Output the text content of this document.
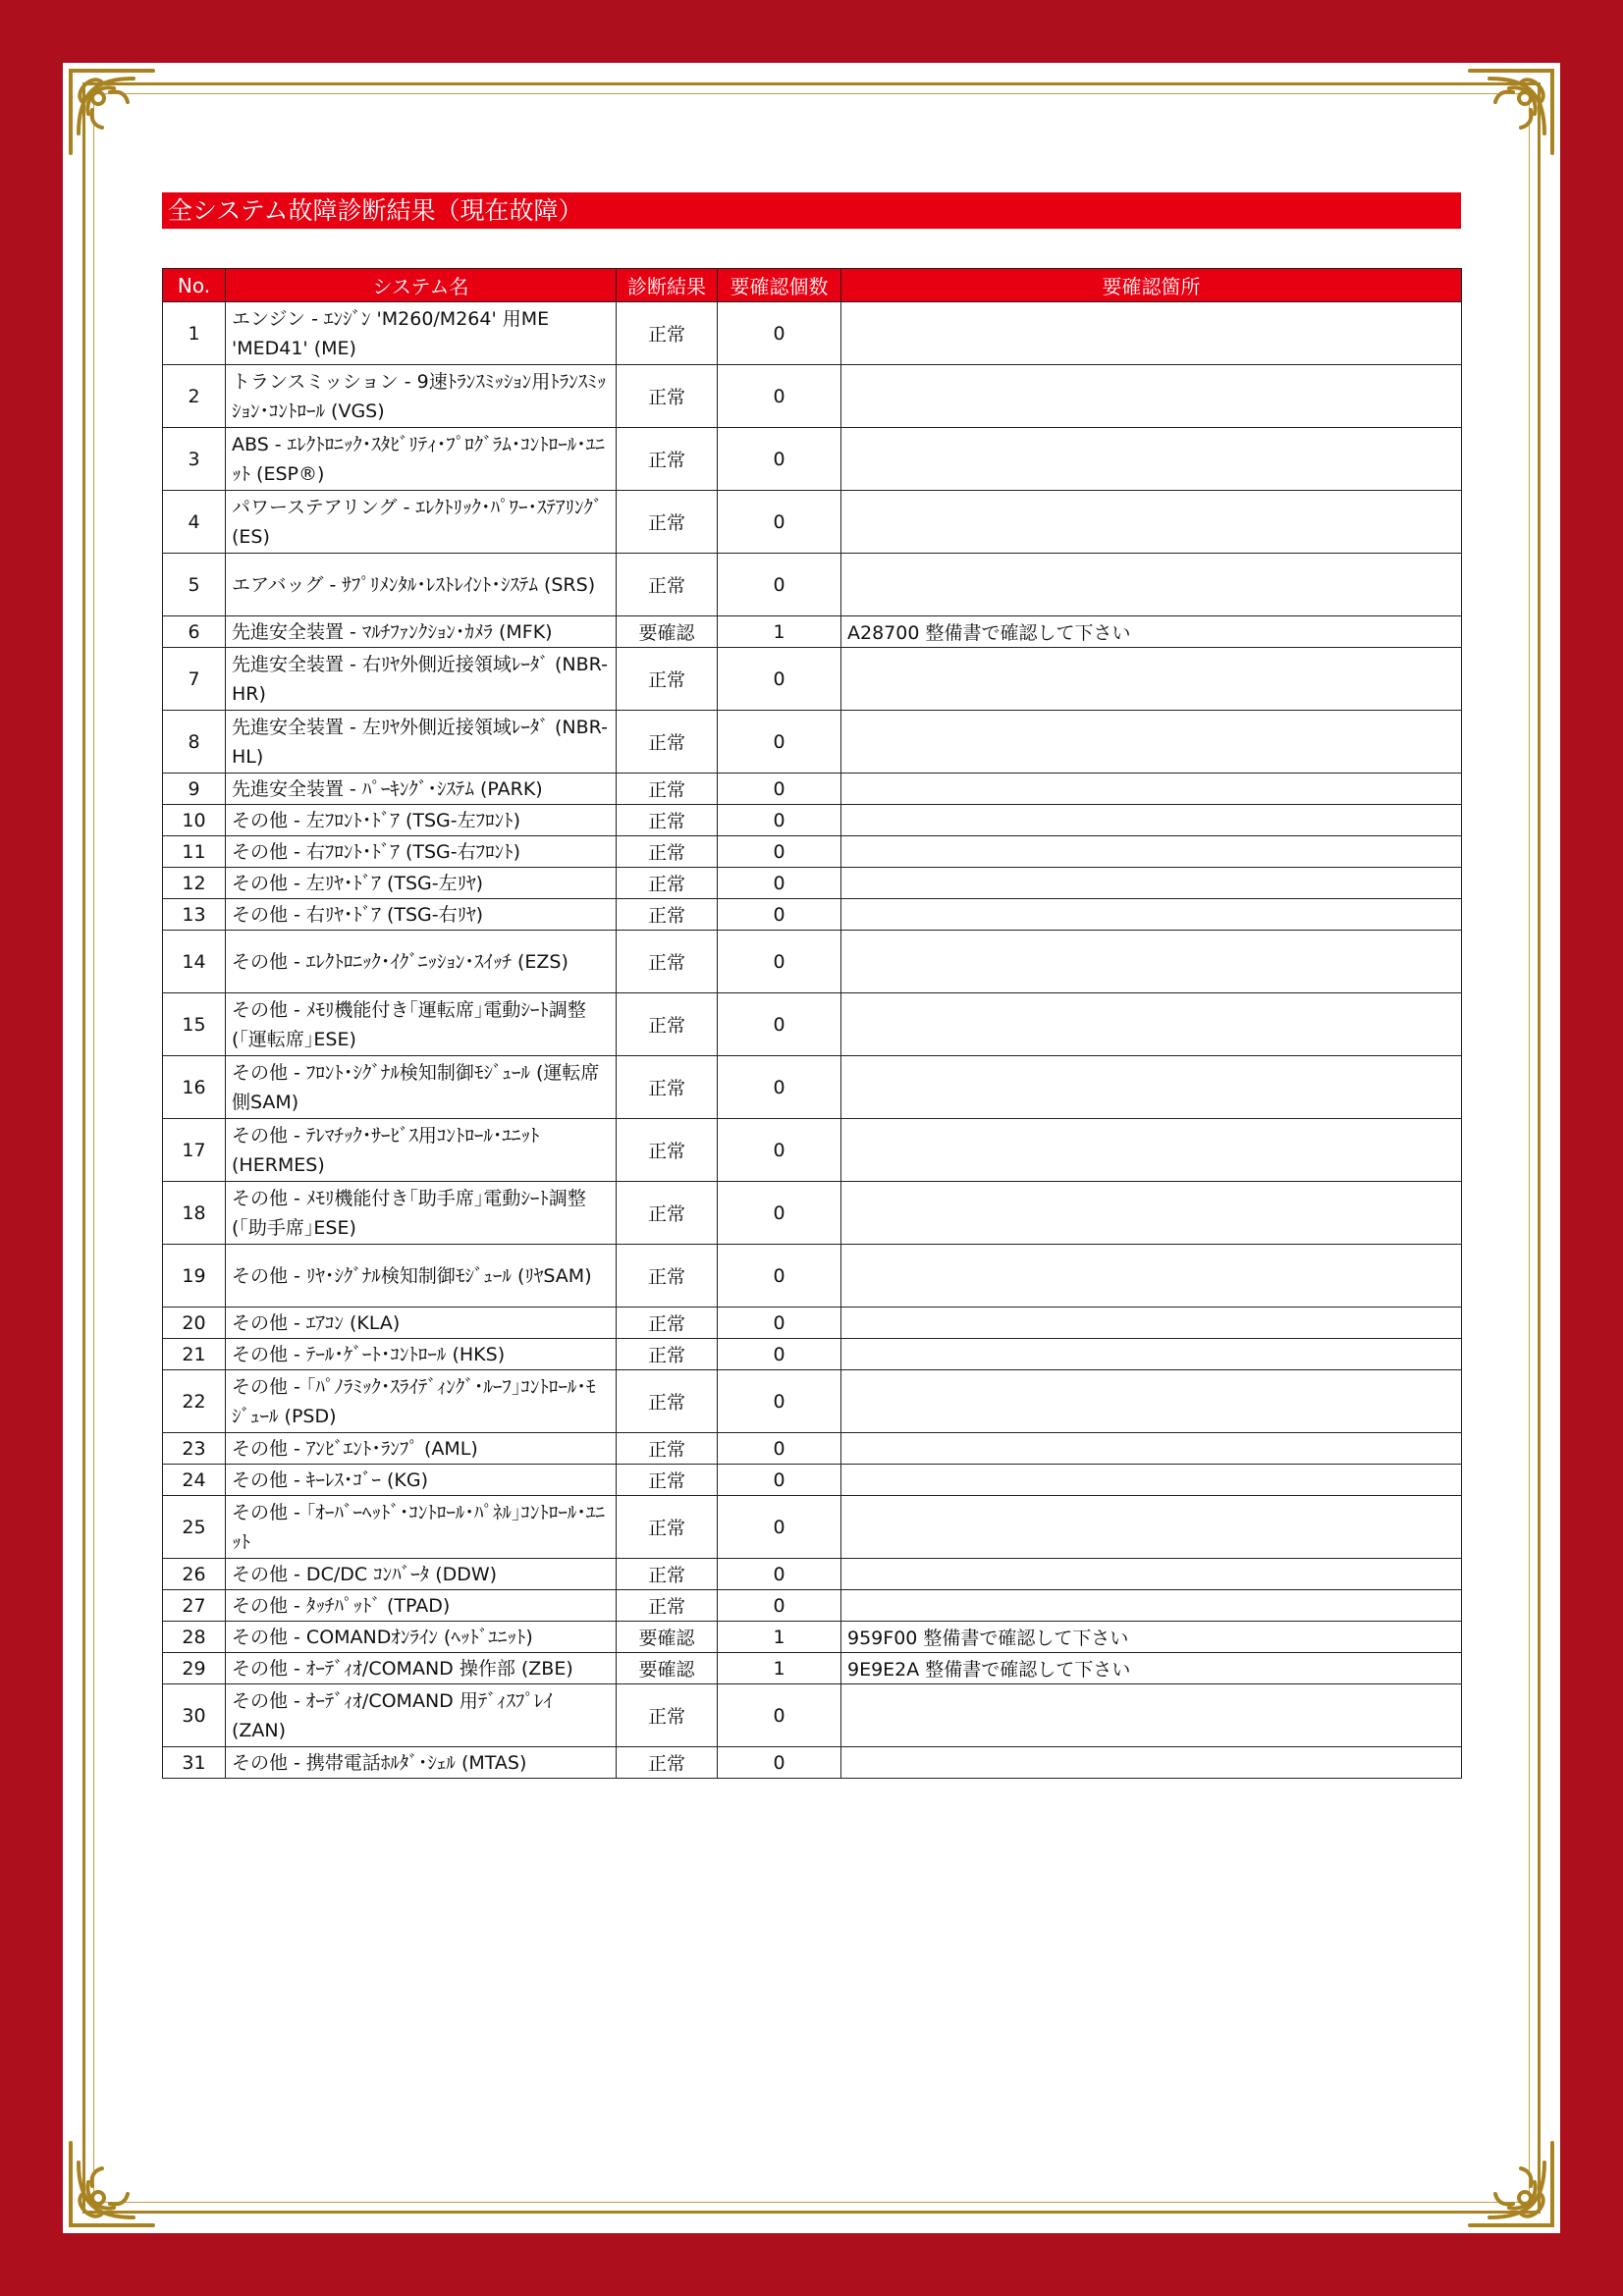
全システム故障診断結果（現在故障）
No.	システム名	診断結果	要確認個数	要確認箇所
1	エンジン - ｴﾝｼﾞﾝ 'M260/M264' 用ME 'MED41' (ME)	正常	0	
2	トランスミッション - 9速ﾄﾗﾝｽﾐｯｼｮﾝ用ﾄﾗﾝｽﾐｯｼｮﾝ･ｺﾝﾄﾛｰﾙ (VGS)	正常	0	
3	ABS - ｴﾚｸﾄﾛﾆｯｸ･ｽﾀﾋﾞﾘﾃｨ･ﾌﾟﾛｸﾞﾗﾑ･ｺﾝﾄﾛｰﾙ･ﾕﾆｯﾄ (ESP®)	正常	0	
4	パワーステアリング - ｴﾚｸﾄﾘｯｸ･ﾊﾟﾜｰ･ｽﾃｱﾘﾝｸﾞ (ES)	正常	0	
5	エアバッグ - ｻﾌﾟﾘﾒﾝﾀﾙ･ﾚｽﾄﾚｲﾝﾄ･ｼｽﾃﾑ (SRS)	正常	0	
6	先進安全装置 - ﾏﾙﾁﾌｧﾝｸｼｮﾝ･ｶﾒﾗ (MFK)	要確認	1	A28700 整備書で確認して下さい
7	先進安全装置 - 右ﾘﾔ外側近接領域ﾚｰﾀﾞ (NBR-HR)	正常	0	
8	先進安全装置 - 左ﾘﾔ外側近接領域ﾚｰﾀﾞ (NBR-HL)	正常	0	
9	先進安全装置 - ﾊﾟｰｷﾝｸﾞ･ｼｽﾃﾑ (PARK)	正常	0	
10	その他 - 左ﾌﾛﾝﾄ･ﾄﾞｱ (TSG-左ﾌﾛﾝﾄ)	正常	0	
11	その他 - 右ﾌﾛﾝﾄ･ﾄﾞｱ (TSG-右ﾌﾛﾝﾄ)	正常	0	
12	その他 - 左ﾘﾔ･ﾄﾞｱ (TSG-左ﾘﾔ)	正常	0	
13	その他 - 右ﾘﾔ･ﾄﾞｱ (TSG-右ﾘﾔ)	正常	0	
14	その他 - ｴﾚｸﾄﾛﾆｯｸ･ｲｸﾞﾆｯｼｮﾝ･ｽｲｯﾁ (EZS)	正常	0	
15	その他 - ﾒﾓﾘ機能付き｢運転席｣電動ｼｰﾄ調整 (｢運転席｣ESE)	正常	0	
16	その他 - ﾌﾛﾝﾄ･ｼｸﾞﾅﾙ検知制御ﾓｼﾞｭｰﾙ (運転席側SAM)	正常	0	
17	その他 - ﾃﾚﾏﾁｯｸ･ｻｰﾋﾞｽ用ｺﾝﾄﾛｰﾙ･ﾕﾆｯﾄ (HERMES)	正常	0	
18	その他 - ﾒﾓﾘ機能付き｢助手席｣電動ｼｰﾄ調整 (｢助手席｣ESE)	正常	0	
19	その他 - ﾘﾔ･ｼｸﾞﾅﾙ検知制御ﾓｼﾞｭｰﾙ (ﾘﾔSAM)	正常	0	
20	その他 - ｴｱｺﾝ (KLA)	正常	0	
21	その他 - ﾃｰﾙ･ｹﾞｰﾄ･ｺﾝﾄﾛｰﾙ (HKS)	正常	0	
22	その他 - ｢ﾊﾟﾉﾗﾐｯｸ･ｽﾗｲﾃﾞｨﾝｸﾞ･ﾙｰﾌ｣ｺﾝﾄﾛｰﾙ･ﾓｼﾞｭｰﾙ (PSD)	正常	0	
23	その他 - ｱﾝﾋﾞｴﾝﾄ･ﾗﾝﾌﾟ (AML)	正常	0	
24	その他 - ｷｰﾚｽ･ｺﾞｰ (KG)	正常	0	
25	その他 - ｢ｵｰﾊﾞｰﾍｯﾄﾞ･ｺﾝﾄﾛｰﾙ･ﾊﾟﾈﾙ｣ｺﾝﾄﾛｰﾙ･ﾕﾆｯﾄ	正常	0	
26	その他 - DC/DC ｺﾝﾊﾞｰﾀ (DDW)	正常	0	
27	その他 - ﾀｯﾁﾊﾟｯﾄﾞ (TPAD)	正常	0	
28	その他 - COMANDｵﾝﾗｲﾝ (ﾍｯﾄﾞﾕﾆｯﾄ)	要確認	1	959F00 整備書で確認して下さい
29	その他 - ｵｰﾃﾞｨｵ/COMAND 操作部 (ZBE)	要確認	1	9E9E2A 整備書で確認して下さい
30	その他 - ｵｰﾃﾞｨｵ/COMAND 用ﾃﾞｨｽﾌﾟﾚｲ (ZAN)	正常	0	
31	その他 - 携帯電話ﾎﾙﾀﾞ･ｼｪﾙ (MTAS)	正常	0	
